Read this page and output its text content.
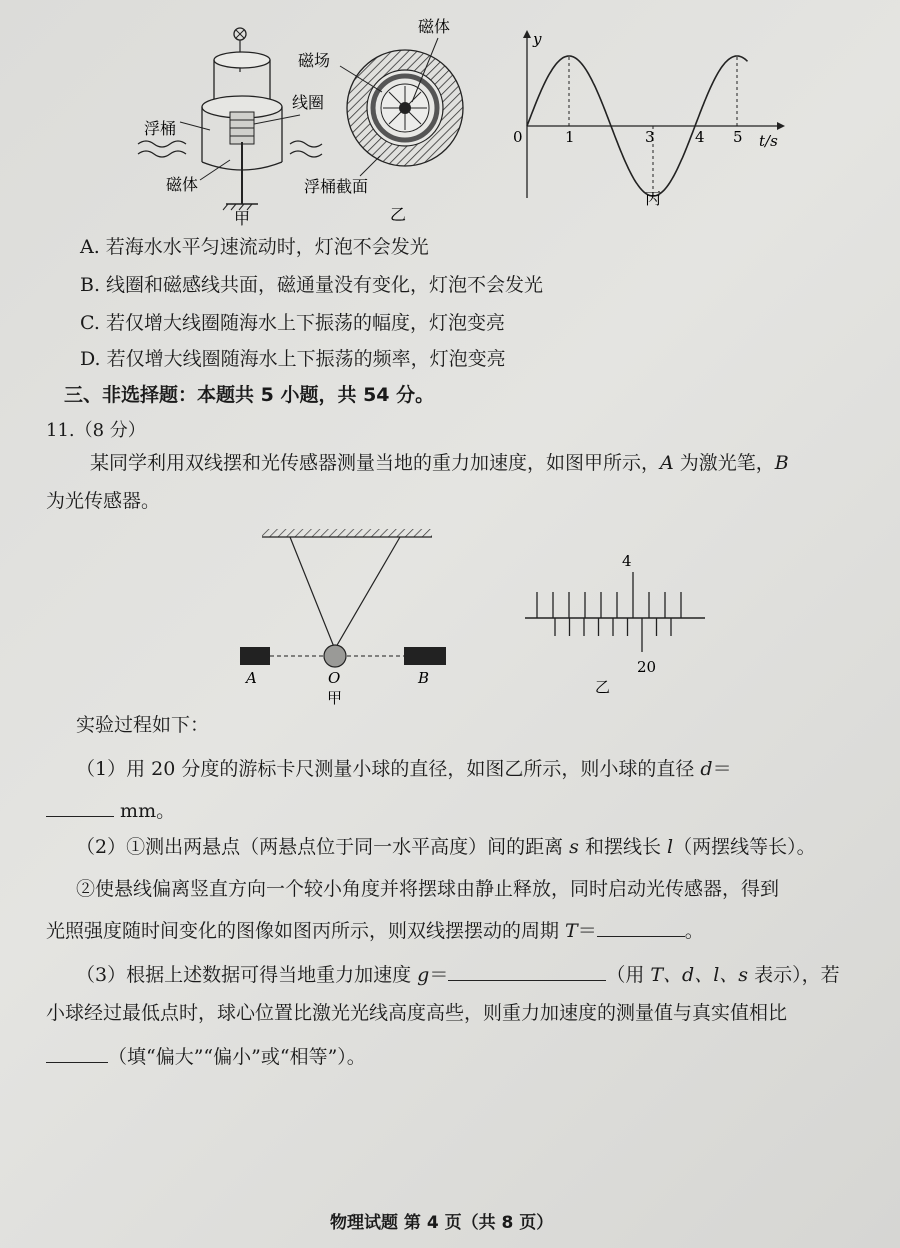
浮桶
线圈
磁体
甲
磁体
磁场
浮桶截面
乙
y
t/s
0	1	3	4 5
丙
A. 若海水水平匀速流动时，灯泡不会发光
B. 线圈和磁感线共面，磁通量没有变化，灯泡不会发光
C. 若仅增大线圈随海水上下振荡的幅度，灯泡变亮
D. 若仅增大线圈随海水上下振荡的频率，灯泡变亮
三、非选择题：本题共 5 小题，共 54 分。
11.（8 分）
某同学利用双线摆和光传感器测量当地的重力加速度，如图甲所示，A 为激光笔，B
为光传感器。
A	O	B
甲
4
20
乙
实验过程如下：
（1）用 20 分度的游标卡尺测量小球的直径，如图乙所示，则小球的直径 d＝
mm。
（2）①测出两悬点（两悬点位于同一水平高度）间的距离 s 和摆线长 l（两摆线等长）。
②使悬线偏离竖直方向一个较小角度并将摆球由静止释放，同时启动光传感器，得到
光照强度随时间变化的图像如图丙所示，则双线摆摆动的周期 T＝	。
（3）根据上述数据可得当地重力加速度 g＝	（用 T、d、l、s 表示），若
小球经过最低点时，球心位置比激光光线高度高些，则重力加速度的测量值与真实值相比
（填“偏大”“偏小”或“相等”）。
物理试题 第 4 页（共 8 页）
